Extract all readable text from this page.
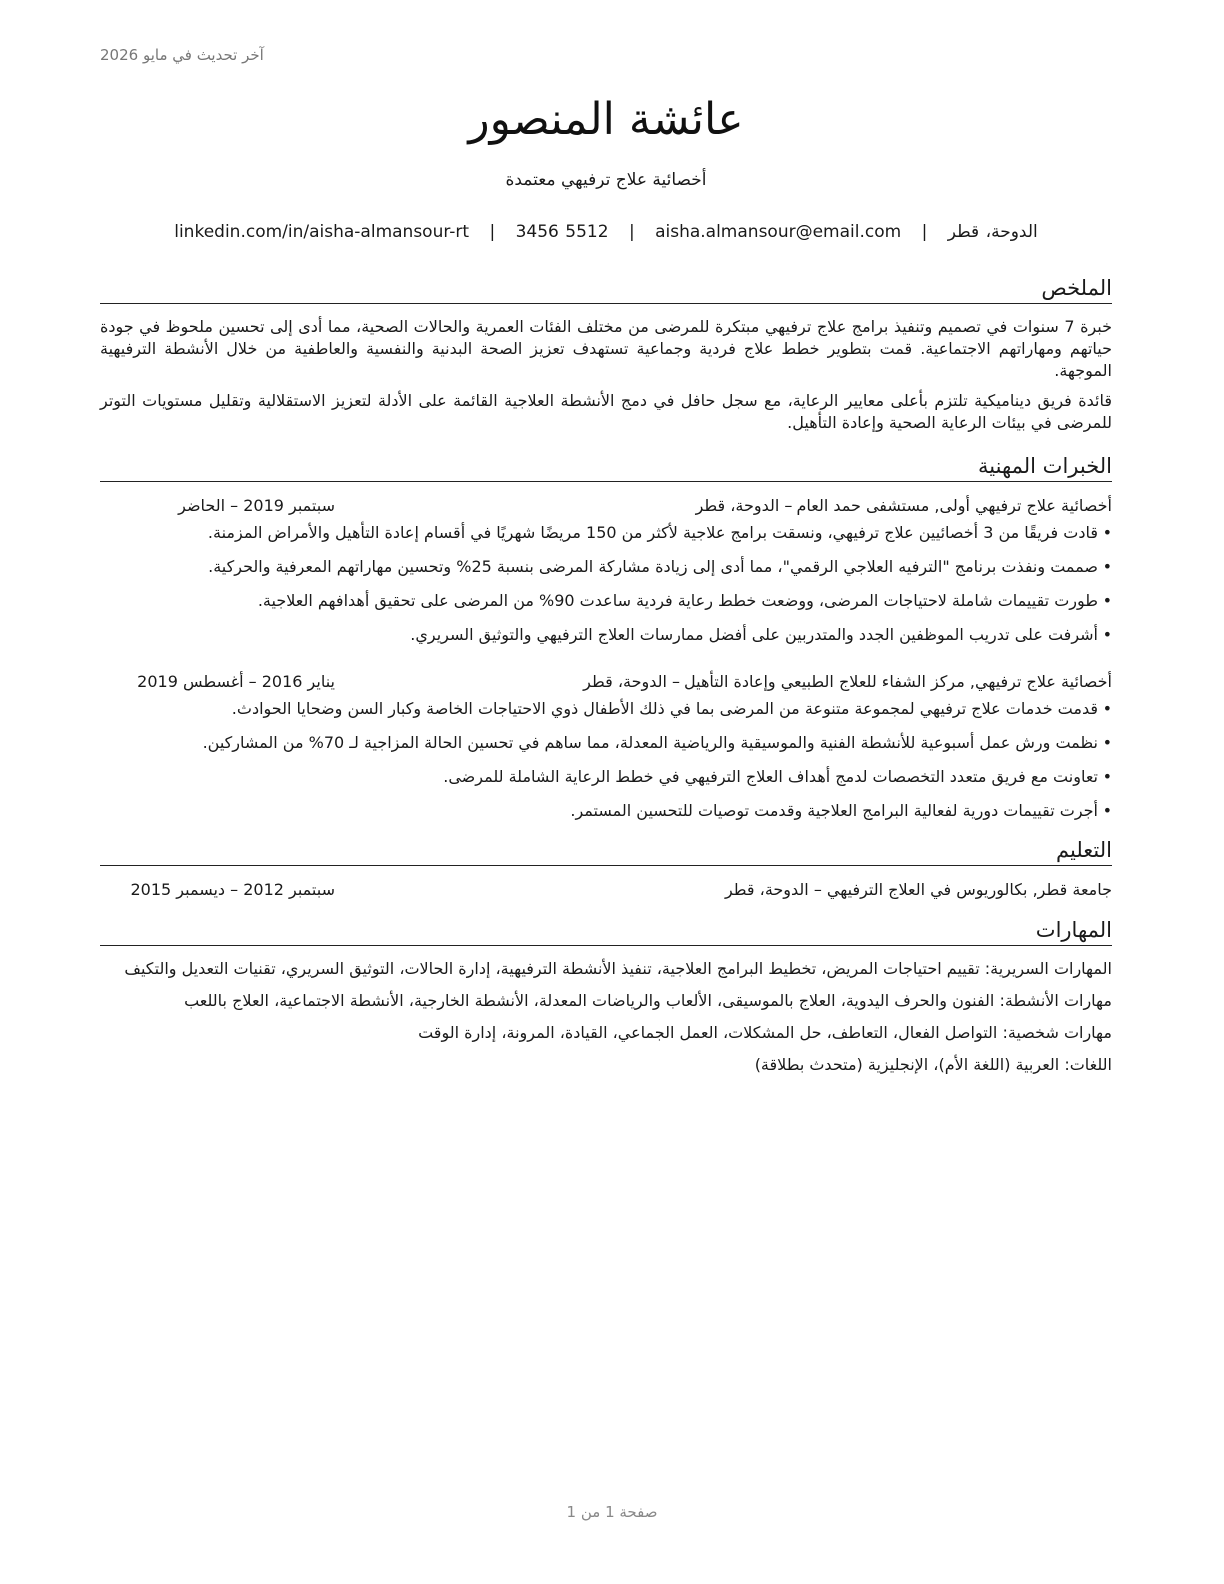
آخر تحديث في مايو 2026
عائشة المنصور
أخصائية علاج ترفيهي معتمدة
الدوحة، قطر | aisha.almansour@email.com | 3456 5512 | linkedin.com/in/aisha-almansour-rt
الملخص

خبرة 7 سنوات في تصميم وتنفيذ برامج علاج ترفيهي مبتكرة للمرضى من مختلف الفئات العمرية والحالات الصحية، مما أدى إلى تحسين ملحوظ في جودة حياتهم ومهاراتهم الاجتماعية. قمت بتطوير خطط علاج فردية وجماعية تستهدف تعزيز الصحة البدنية والنفسية والعاطفية من خلال الأنشطة الترفيهية الموجهة.

قائدة فريق ديناميكية تلتزم بأعلى معايير الرعاية، مع سجل حافل في دمج الأنشطة العلاجية القائمة على الأدلة لتعزيز الاستقلالية وتقليل مستويات التوتر للمرضى في بيئات الرعاية الصحية وإعادة التأهيل.

الخبرات المهنية
أخصائية علاج ترفيهي أولى, مستشفى حمد العام
– الدوحة، قطر
سبتمبر 2019 – الحاضر
•
قادت فريقًا من 3 أخصائيين علاج ترفيهي، ونسقت برامج علاجية لأكثر من 150 مريضًا شهريًا في أقسام إعادة التأهيل والأمراض المزمنة.
•
صممت ونفذت برنامج "الترفيه العلاجي الرقمي"، مما أدى إلى زيادة مشاركة المرضى بنسبة 25% وتحسين مهاراتهم المعرفية والحركية.
•
طورت تقييمات شاملة لاحتياجات المرضى، ووضعت خطط رعاية فردية ساعدت 90% من المرضى على تحقيق أهدافهم العلاجية.
•
أشرفت على تدريب الموظفين الجدد والمتدربين على أفضل ممارسات العلاج الترفيهي والتوثيق السريري.
أخصائية علاج ترفيهي, مركز الشفاء للعلاج الطبيعي وإعادة التأهيل
– الدوحة، قطر
يناير 2016 – أغسطس 2019
•
قدمت خدمات علاج ترفيهي لمجموعة متنوعة من المرضى بما في ذلك الأطفال ذوي الاحتياجات الخاصة وكبار السن وضحايا الحوادث.
•
نظمت ورش عمل أسبوعية للأنشطة الفنية والموسيقية والرياضية المعدلة، مما ساهم في تحسين الحالة المزاجية لـ 70% من المشاركين.
•
تعاونت مع فريق متعدد التخصصات لدمج أهداف العلاج الترفيهي في خطط الرعاية الشاملة للمرضى.
•
أجرت تقييمات دورية لفعالية البرامج العلاجية وقدمت توصيات للتحسين المستمر.
التعليم
جامعة قطر, بكالوريوس في العلاج الترفيهي – الدوحة، قطر
سبتمبر 2012 – ديسمبر 2015
المهارات
المهارات السريرية: تقييم احتياجات المريض، تخطيط البرامج العلاجية، تنفيذ الأنشطة الترفيهية، إدارة الحالات، التوثيق السريري، تقنيات التعديل والتكيف
مهارات الأنشطة: الفنون والحرف اليدوية، العلاج بالموسيقى، الألعاب والرياضات المعدلة، الأنشطة الخارجية، الأنشطة الاجتماعية، العلاج باللعب
مهارات شخصية: التواصل الفعال، التعاطف، حل المشكلات، العمل الجماعي، القيادة، المرونة، إدارة الوقت
اللغات: العربية (اللغة الأم)، الإنجليزية (متحدث بطلاقة)
صفحة 1 من 1
